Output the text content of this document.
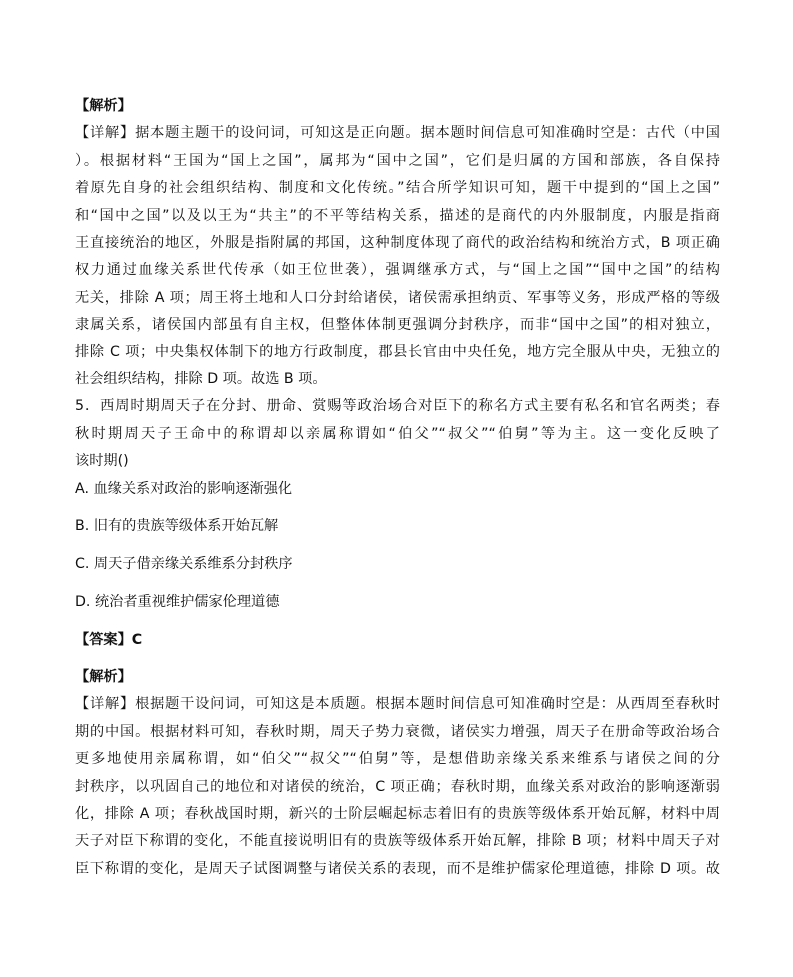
【解析】
【详解】据本题主题干的设问词，可知这是正向题。据本题时间信息可知准确时空是：古代（中国
）。根据材料“王国为“国上之国”，属邦为“国中之国”，它们是归属的方国和部族，各自保持
着原先自身的社会组织结构、制度和文化传统。”结合所学知识可知，题干中提到的“国上之国”
和“国中之国”以及以王为“共主”的不平等结构关系，描述的是商代的内外服制度，内服是指商
王直接统治的地区，外服是指附属的邦国，这种制度体现了商代的政治结构和统治方式，B 项正确
权力通过血缘关系世代传承（如王位世袭），强调继承方式，与“国上之国”“国中之国”的结构
无关，排除 A 项；周王将土地和人口分封给诸侯，诸侯需承担纳贡、军事等义务，形成严格的等级
隶属关系，诸侯国内部虽有自主权，但整体体制更强调分封秩序，而非“国中之国”的相对独立，
排除 C 项；中央集权体制下的地方行政制度，郡县长官由中央任免，地方完全服从中央，无独立的
社会组织结构，排除 D 项。故选 B 项。
5．西周时期周天子在分封、册命、赏赐等政治场合对臣下的称名方式主要有私名和官名两类；春
秋时期周天子王命中的称谓却以亲属称谓如“伯父”“叔父”“伯舅”等为主。这一变化反映了
该时期()
A. 血缘关系对政治的影响逐渐强化
B. 旧有的贵族等级体系开始瓦解
C. 周天子借亲缘关系维系分封秩序
D. 统治者重视维护儒家伦理道德
【答案】C
【解析】
【详解】根据题干设问词，可知这是本质题。根据本题时间信息可知准确时空是：从西周至春秋时
期的中国。根据材料可知，春秋时期，周天子势力衰微，诸侯实力增强，周天子在册命等政治场合
更多地使用亲属称谓，如“伯父”“叔父”“伯舅”等，是想借助亲缘关系来维系与诸侯之间的分
封秩序，以巩固自己的地位和对诸侯的统治，C 项正确；春秋时期，血缘关系对政治的影响逐渐弱
化，排除 A 项；春秋战国时期，新兴的士阶层崛起标志着旧有的贵族等级体系开始瓦解，材料中周
天子对臣下称谓的变化，不能直接说明旧有的贵族等级体系开始瓦解，排除 B 项；材料中周天子对
臣下称谓的变化，是周天子试图调整与诸侯关系的表现，而不是维护儒家伦理道德，排除 D 项。故
